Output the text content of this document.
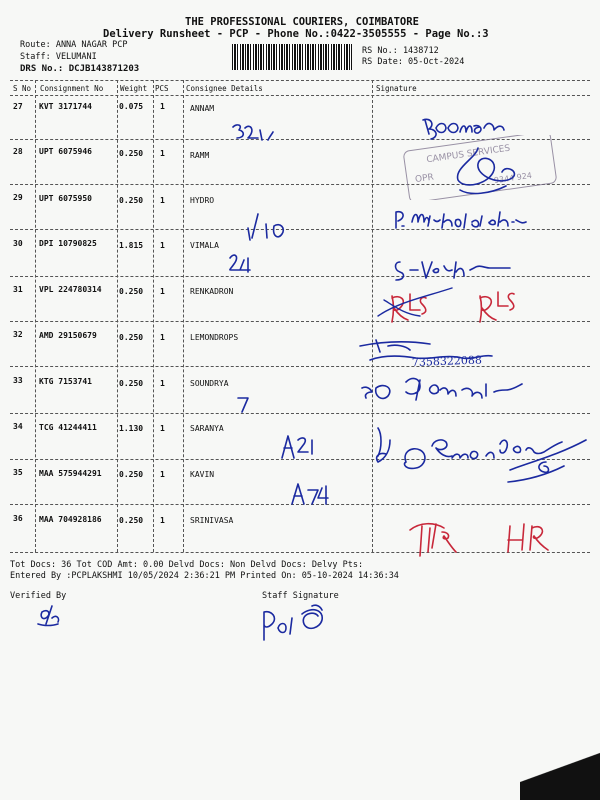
THE PROFESSIONAL COURIERS, COIMBATORE
Delivery Runsheet - PCP - Phone No.:0422-3505555 - Page No.:3
Route: ANNA NAGAR PCP
Staff: VELUMANI
DRS No.: DCJB143871203
RS No.: 1438712
RS Date: 05-Oct-2024
S No Consignment No Weight PCS Consignee Details	Signature
27 KVT 3171744	0.075 1	ANNAM
28 UPT 6075946	0.250 1	RAMM
29 UPT 6075950	0.250 1	HYDRO
30 DPI 10790825	1.815 1	VIMALA
31 VPL 224780314 0.250 1	RENKADRON
32 AMD 29150679	0.250 1	LEMONDROPS
33 KTG 7153741	0.250 1	SOUNDRYA
34 TCG 41244411	1.130 1	SARANYA
35 MAA 575944291 0.250 1	KAVIN
36 MAA 704928186 0.250 1	SRINIVASA
Tot Docs: 36 Tot COD Amt: 0.00 Delvd Docs: Non Delvd Docs: Delvy Pts:
Entered By :PCPLAKSHMI 10/05/2024 2:36:21 PM Printed On: 05-10-2024 14:36:34
Verified By	Staff Signature
CAMPUS SERVICES
OPR	9344 924
7358322088
